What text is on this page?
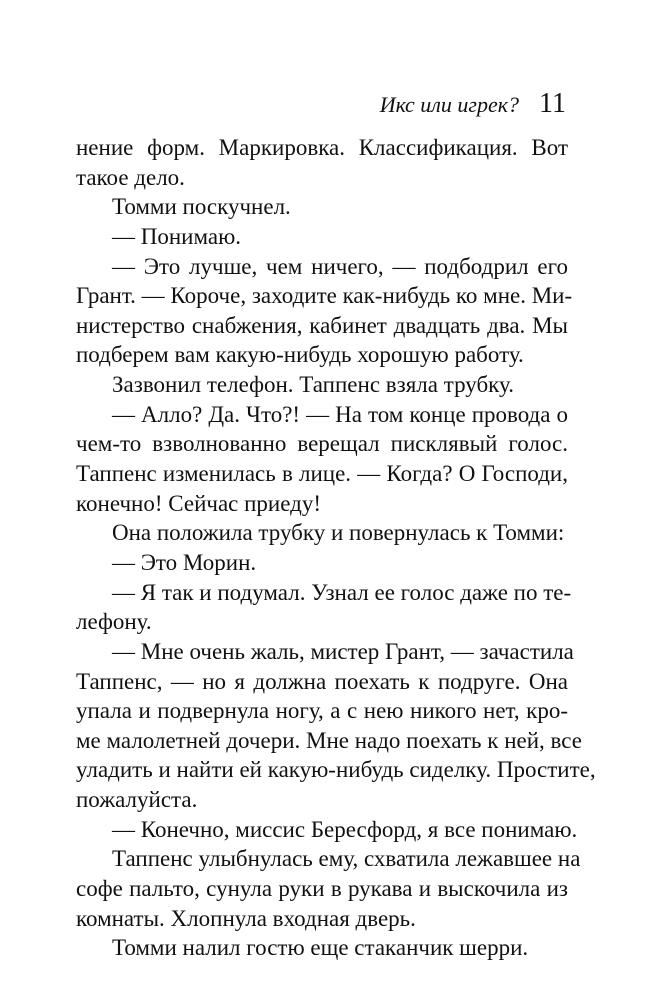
Икс или игрек? 11
нение форм. Маркировка. Классификация. Вот
такое дело.
Томми поскучнел.
— Понимаю.
— Это лучше, чем ничего, — подбодрил его
Грант. — Короче, заходите как-нибудь ко мне. Ми-
нистерство снабжения, кабинет двадцать два. Мы
подберем вам какую-нибудь хорошую работу.
Зазвонил телефон. Таппенс взяла трубку.
— Алло? Да. Что?! — На том конце провода о
чем-то взволнованно верещал писклявый голос.
Таппенс изменилась в лице. — Когда? О Господи,
конечно! Сейчас приеду!
Она положила трубку и повернулась к Томми:
— Это Морин.
— Я так и подумал. Узнал ее голос даже по те-
лефону.
— Мне очень жаль, мистер Грант, — зачастила
Таппенс, — но я должна поехать к подруге. Она
упала и подвернула ногу, а с нею никого нет, кро-
ме малолетней дочери. Мне надо поехать к ней, все
уладить и найти ей какую-нибудь сиделку. Простите,
пожалуйста.
— Конечно, миссис Бересфорд, я все понимаю.
Таппенс улыбнулась ему, схватила лежавшее на
софе пальто, сунула руки в рукава и выскочила из
комнаты. Хлопнула входная дверь.
Томми налил гостю еще стаканчик шерри.
